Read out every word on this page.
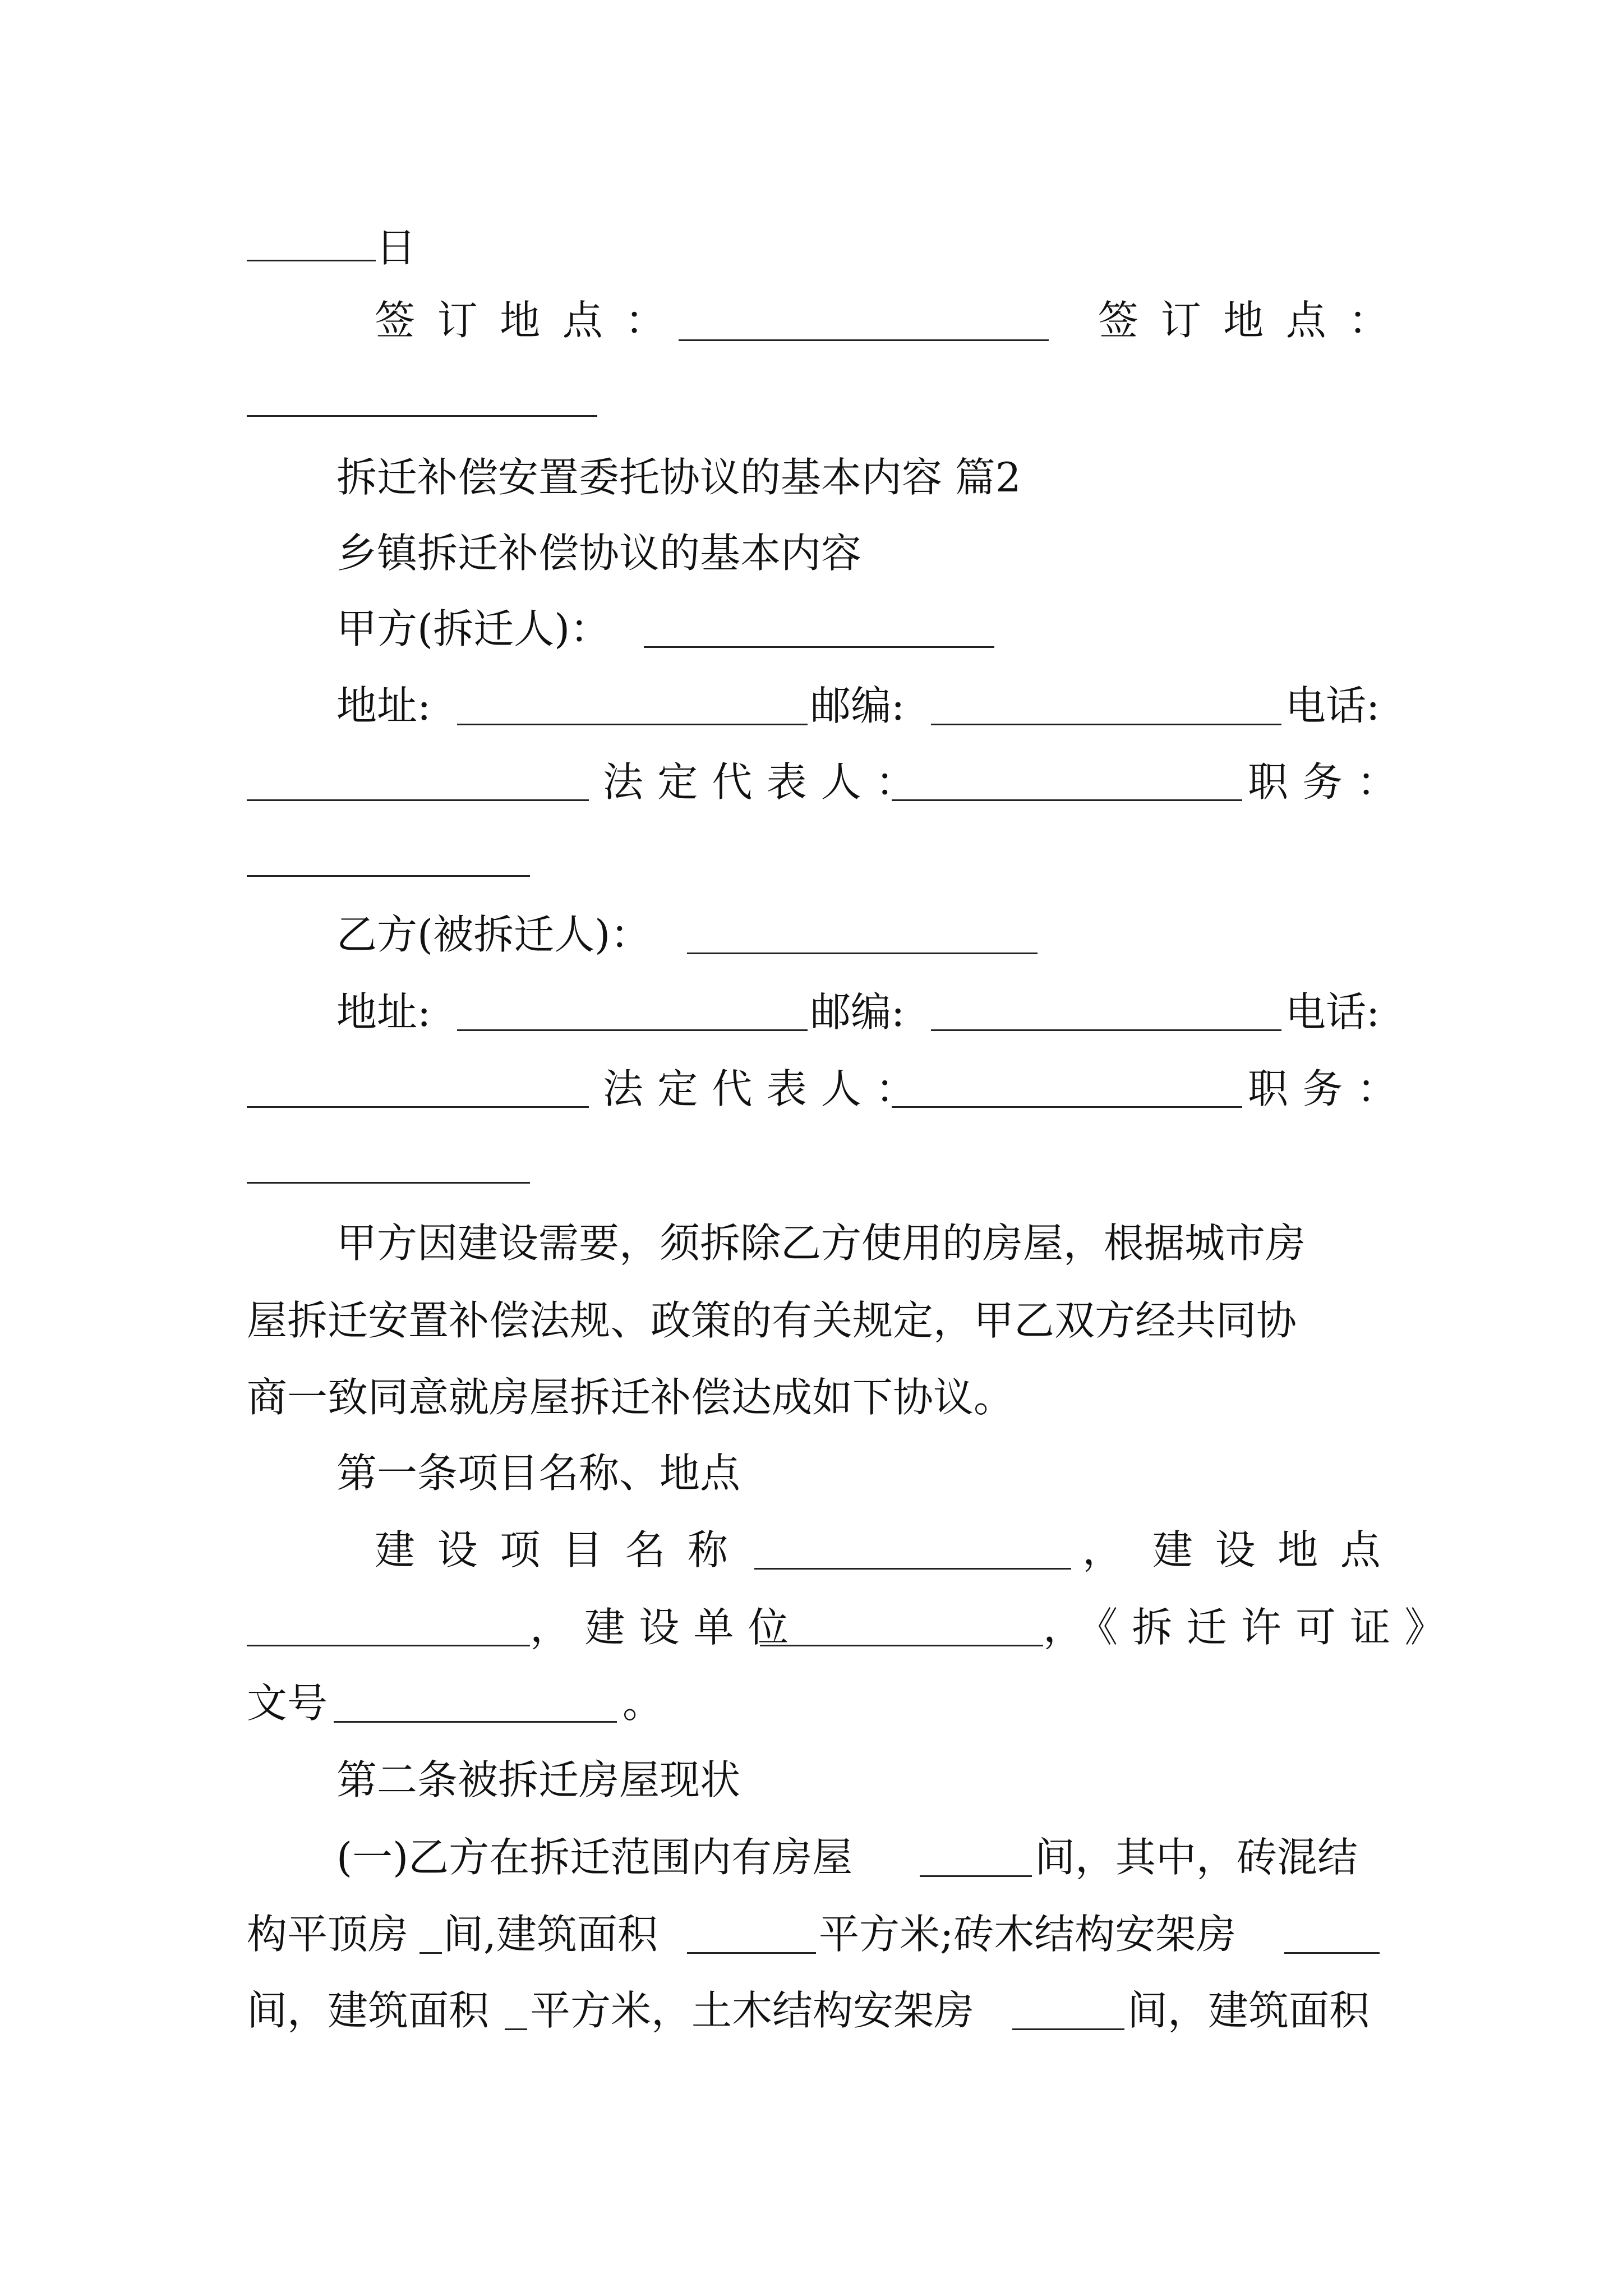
日
签订地点：	签订地点：
拆迁补偿安置委托协议的基本内容 篇2
乡镇拆迁补偿协议的基本内容
甲方(拆迁人)：
地址:	邮编:	电话:
法定代表人：	职务：
乙方(被拆迁人)：
地址:	邮编:	电话:
法定代表人：	职务：
甲方因建设需要，须拆除乙方使用的房屋，根据城市房
屋拆迁安置补偿法规、政策的有关规定，甲乙双方经共同协
商一致同意就房屋拆迁补偿达成如下协议。
第一条项目名称、地点
建设项目名称	， 建设地点
，建设单位	，《拆迁许可证》
文号	。
第二条被拆迁房屋现状
(一)乙方在拆迁范围内有房屋	间，其中，砖混结
构平顶房 间,建筑面积	平方米;砖木结构安架房
间，建筑面积 平方米，土木结构安架房	间，建筑面积
